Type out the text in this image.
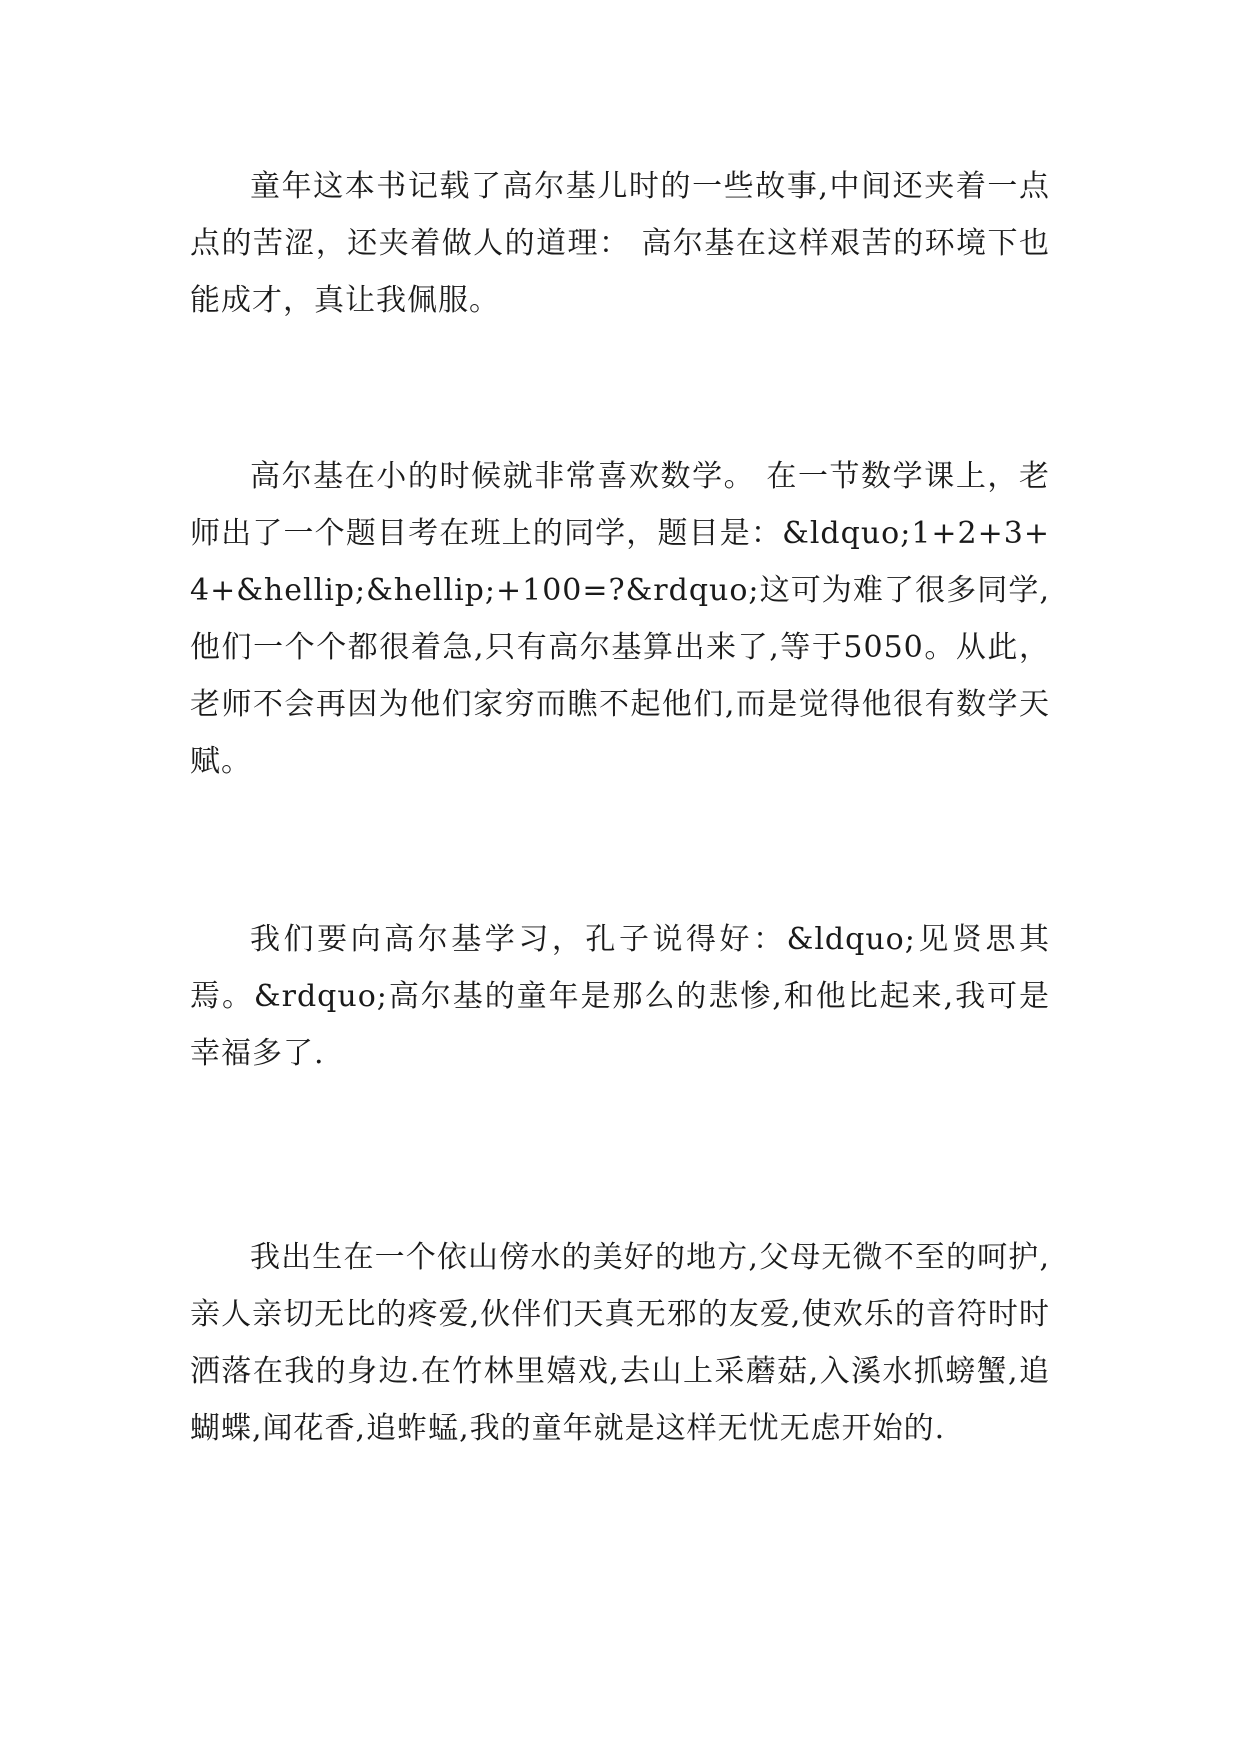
童年这本书记载了高尔基儿时的一些故事,中间还夹着一点点的苦涩，还夹着做人的道理： 高尔基在这样艰苦的环境下也能成才，真让我佩服。

高尔基在小的时候就非常喜欢数学。 在一节数学课上，老师出了一个题目考在班上的同学，题目是：&ldquo;1+2+3+4+&hellip;&hellip;+100=?&rdquo;这可为难了很多同学,他们一个个都很着急,只有高尔基算出来了,等于5050。从此，老师不会再因为他们家穷而瞧不起他们,而是觉得他很有数学天赋。

我们要向高尔基学习，孔子说得好：&ldquo;见贤思其焉。&rdquo;高尔基的童年是那么的悲惨,和他比起来,我可是幸福多了.

我出生在一个依山傍水的美好的地方,父母无微不至的呵护,亲人亲切无比的疼爱,伙伴们天真无邪的友爱,使欢乐的音符时时洒落在我的身边.在竹林里嬉戏,去山上采蘑菇,入溪水抓螃蟹,追蝴蝶,闻花香,追蚱蜢,我的童年就是这样无忧无虑开始的.
